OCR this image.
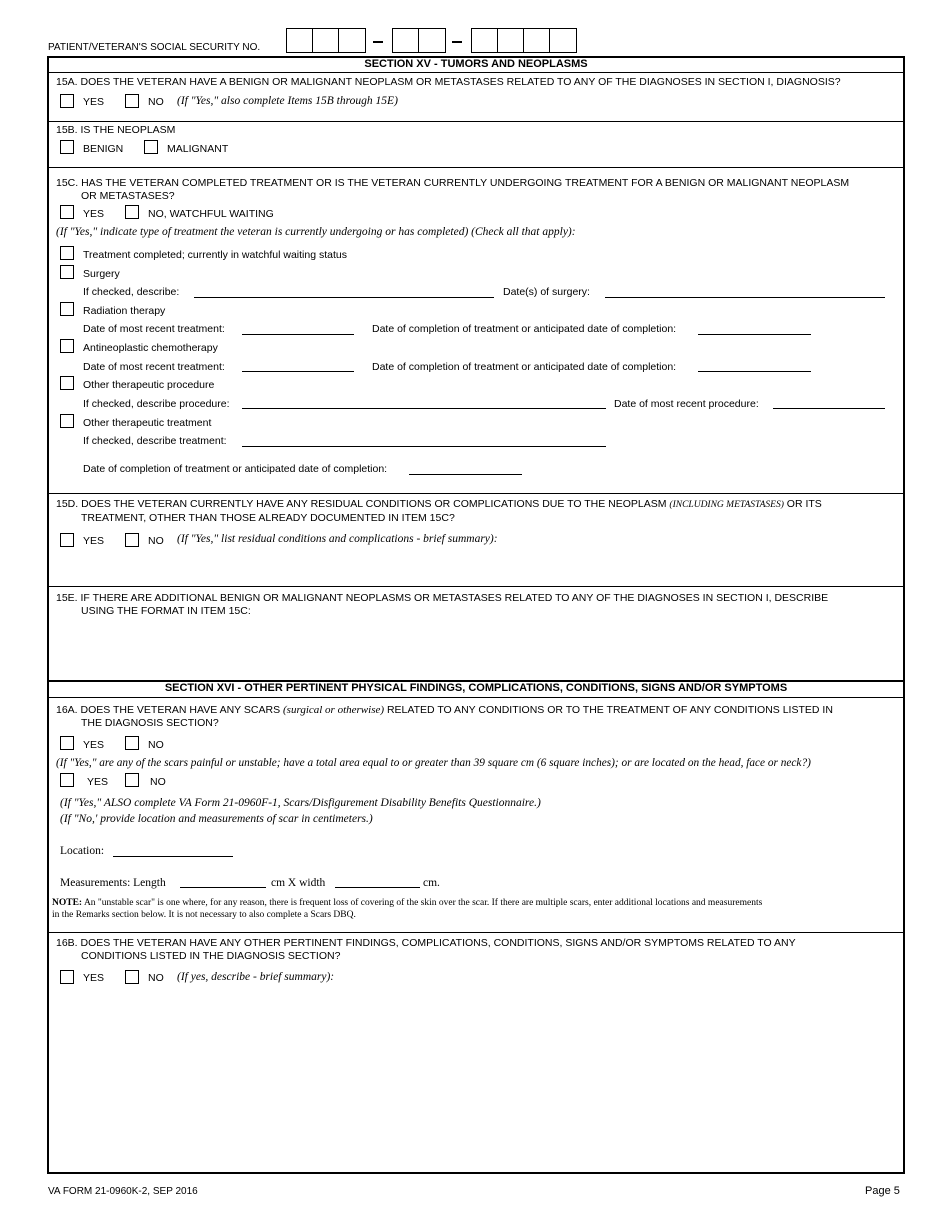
PATIENT/VETERAN'S SOCIAL SECURITY NO.
SECTION XV - TUMORS AND NEOPLASMS
15A. DOES THE VETERAN HAVE A BENIGN OR MALIGNANT NEOPLASM OR METASTASES RELATED TO ANY OF THE DIAGNOSES IN SECTION I, DIAGNOSIS?
YES	NO (If "Yes," also complete Items 15B through 15E)
15B. IS THE NEOPLASM
BENIGN	MALIGNANT
15C. HAS THE VETERAN COMPLETED TREATMENT OR IS THE VETERAN CURRENTLY UNDERGOING TREATMENT FOR A BENIGN OR MALIGNANT NEOPLASM
OR METASTASES?
YES	NO, WATCHFUL WAITING
(If "Yes," indicate type of treatment the veteran is currently undergoing or has completed) (Check all that apply):
Treatment completed; currently in watchful waiting status
Surgery
If checked, describe:	Date(s) of surgery:
Radiation therapy
Date of most recent treatment:	Date of completion of treatment or anticipated date of completion:
Antineoplastic chemotherapy
Date of most recent treatment:	Date of completion of treatment or anticipated date of completion:
Other therapeutic procedure
If checked, describe procedure:	Date of most recent procedure:
Other therapeutic treatment
If checked, describe treatment:
Date of completion of treatment or anticipated date of completion:
15D. DOES THE VETERAN CURRENTLY HAVE ANY RESIDUAL CONDITIONS OR COMPLICATIONS DUE TO THE NEOPLASM (INCLUDING METASTASES) OR ITS
TREATMENT, OTHER THAN THOSE ALREADY DOCUMENTED IN ITEM 15C?
YES	NO (If "Yes," list residual conditions and complications - brief summary):
15E. IF THERE ARE ADDITIONAL BENIGN OR MALIGNANT NEOPLASMS OR METASTASES RELATED TO ANY OF THE DIAGNOSES IN SECTION I, DESCRIBE
USING THE FORMAT IN ITEM 15C:
SECTION XVI - OTHER PERTINENT PHYSICAL FINDINGS, COMPLICATIONS, CONDITIONS, SIGNS AND/OR SYMPTOMS
16A. DOES THE VETERAN HAVE ANY SCARS (surgical or otherwise) RELATED TO ANY CONDITIONS OR TO THE TREATMENT OF ANY CONDITIONS LISTED IN
THE DIAGNOSIS SECTION?
YES	NO
(If "Yes," are any of the scars painful or unstable; have a total area equal to or greater than 39 square cm (6 square inches); or are located on the head, face or neck?)
YES	NO
(If "Yes," ALSO complete VA Form 21-0960F-1, Scars/Disfigurement Disability Benefits Questionnaire.)
(If "No,' provide location and measurements of scar in centimeters.)
Location:
Measurements: Length	cm X width	cm.
NOTE: An "unstable scar" is one where, for any reason, there is frequent loss of covering of the skin over the scar. If there are multiple scars, enter additional locations and measurements
in the Remarks section below. It is not necessary to also complete a Scars DBQ.
16B. DOES THE VETERAN HAVE ANY OTHER PERTINENT FINDINGS, COMPLICATIONS, CONDITIONS, SIGNS AND/OR SYMPTOMS RELATED TO ANY
CONDITIONS LISTED IN THE DIAGNOSIS SECTION?
YES	NO (If yes, describe - brief summary):
VA FORM 21-0960K-2, SEP 2016	Page 5
